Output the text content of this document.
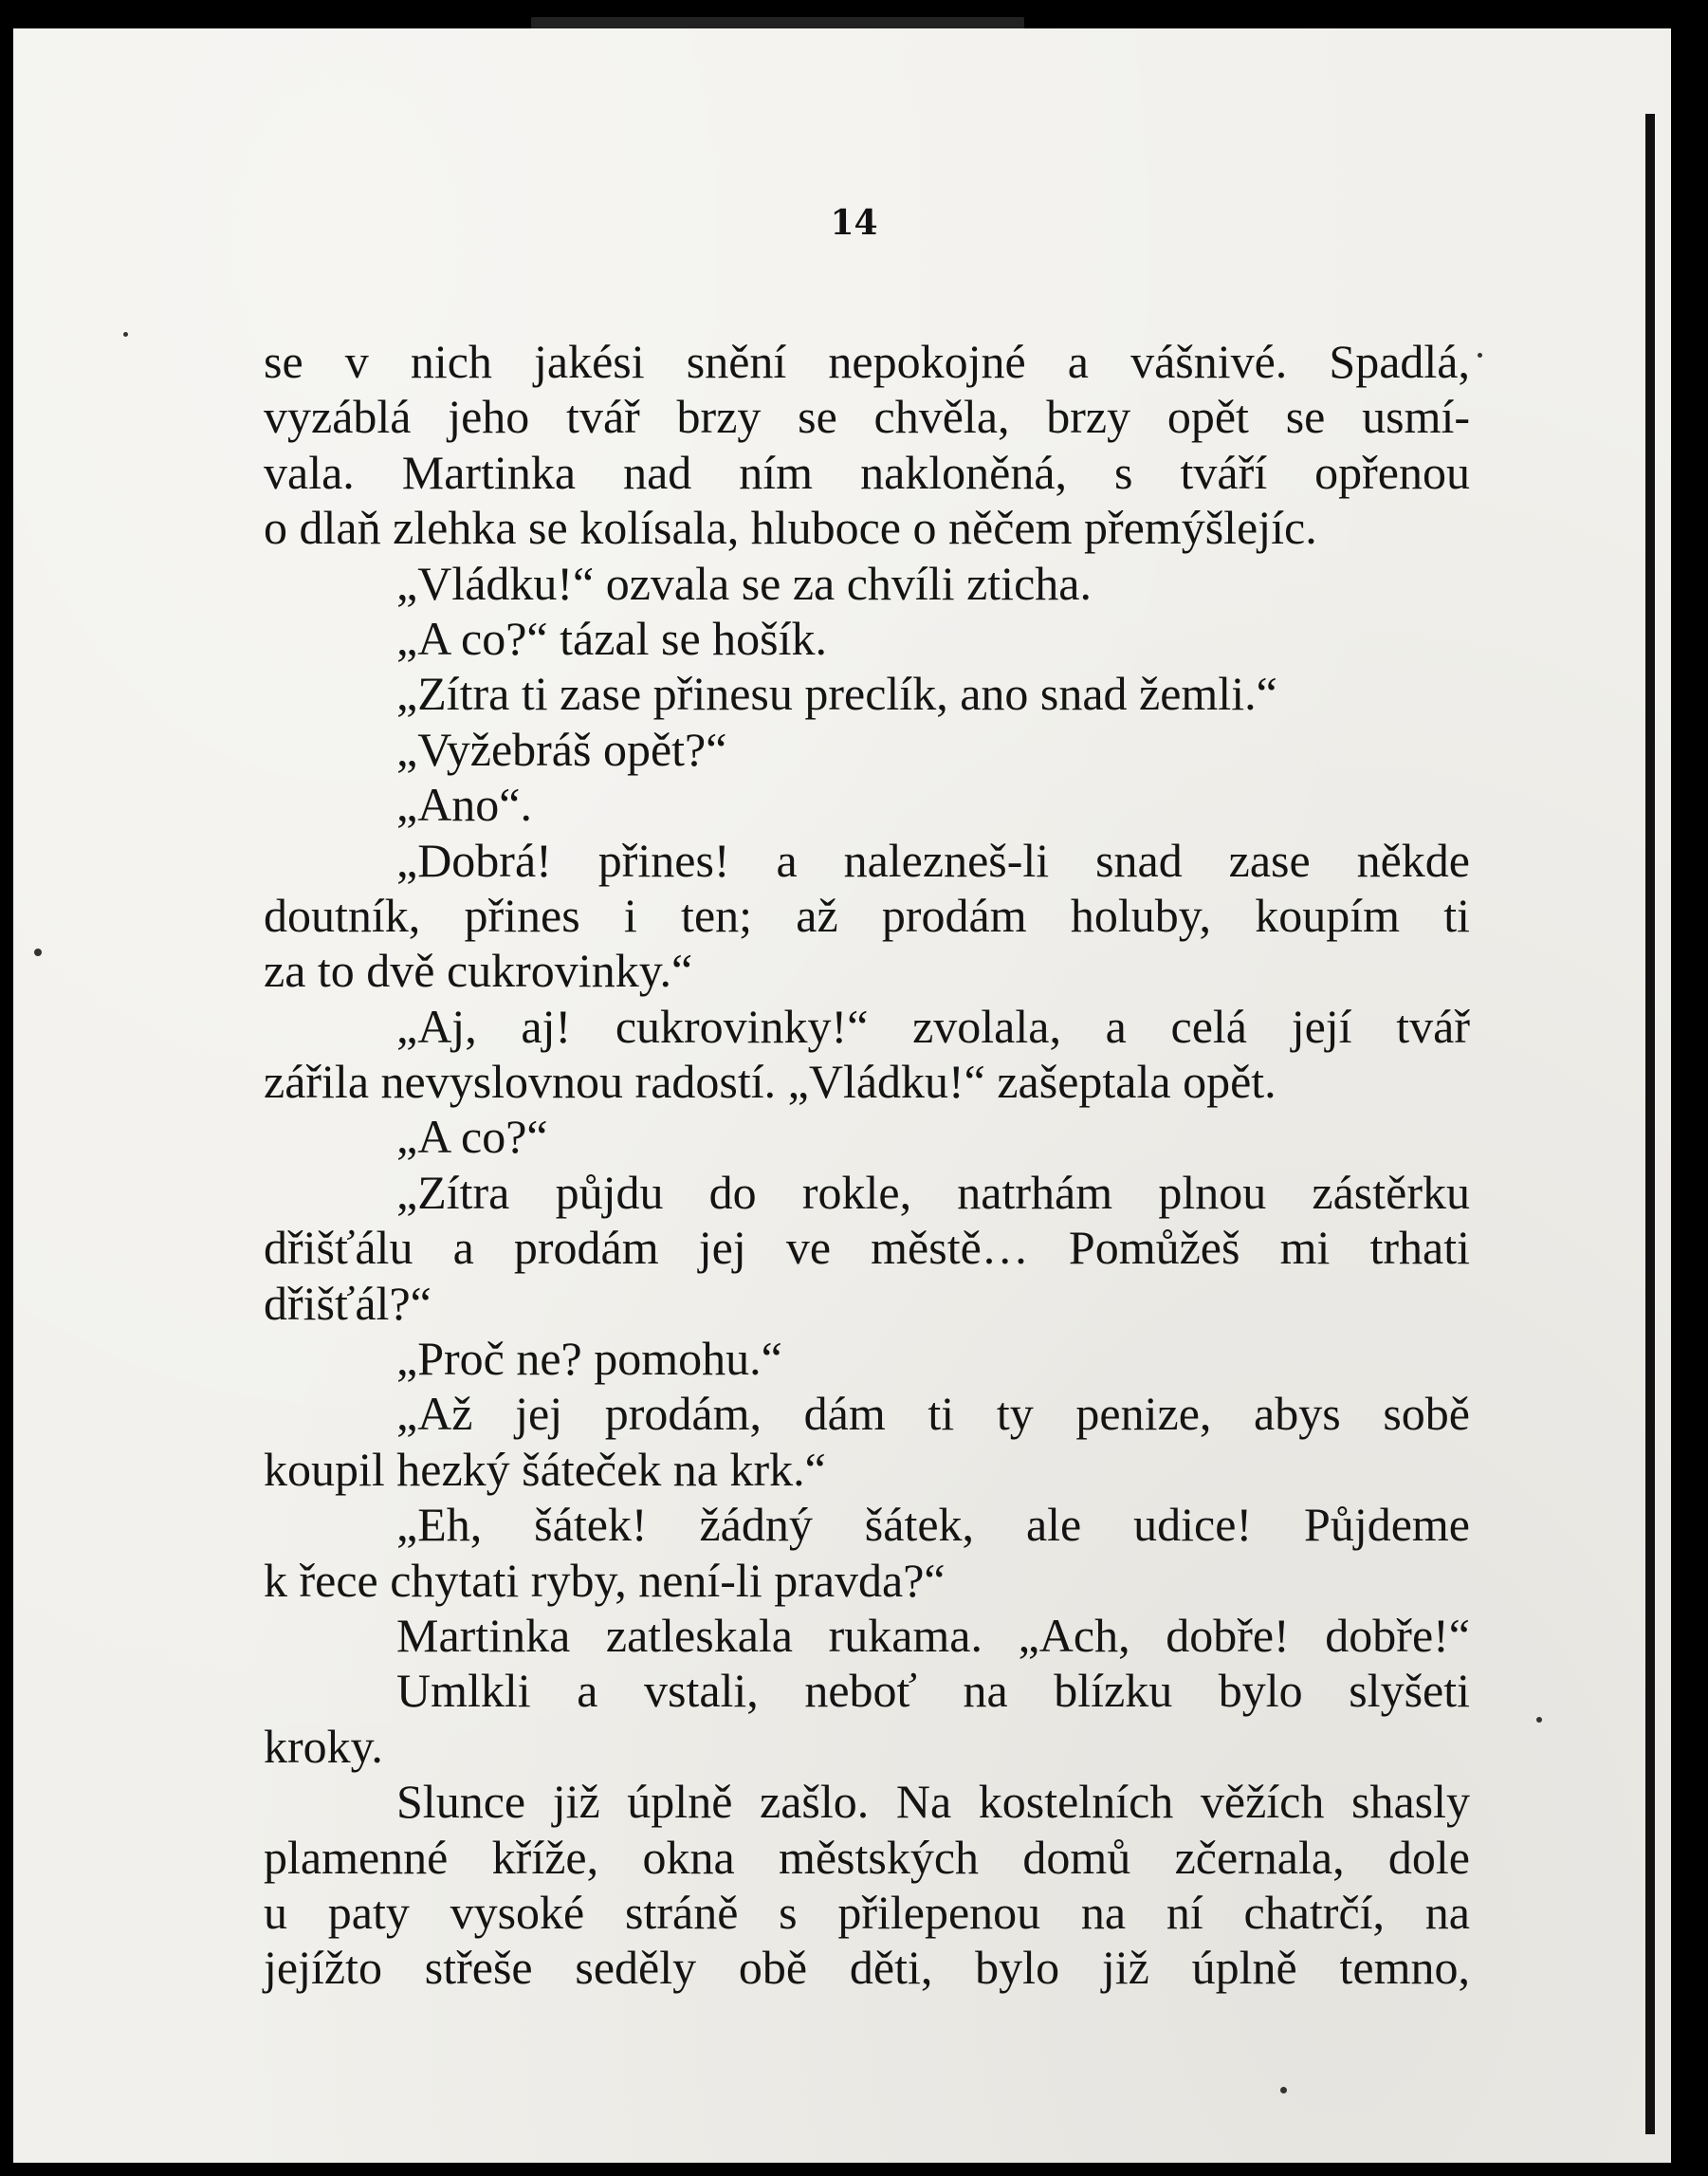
14
se v nich jakési snění nepokojné a vášnivé. Spadlá,
vyzáblá jeho tvář brzy se chvěla, brzy opět se usmí-
vala. Martinka nad ním nakloněná, s tváří opřenou
o dlaň zlehka se kolísala, hluboce o něčem přemýšlejíc.
„Vládku!“ ozvala se za chvíli zticha.
„A co?“ tázal se hošík.
„Zítra ti zase přinesu preclík, ano snad žemli.“
„Vyžebráš opět?“
„Ano“.
„Dobrá! přines! a nalezneš-li snad zase někde
doutník, přines i ten; až prodám holuby, koupím ti
za to dvě cukrovinky.“
„Aj, aj! cukrovinky!“ zvolala, a celá její tvář
zářila nevyslovnou radostí. „Vládku!“ zašeptala opět.
„A co?“
„Zítra půjdu do rokle, natrhám plnou zástěrku
dřišťálu a prodám jej ve městě… Pomůžeš mi trhati
dřišťál?“
„Proč ne? pomohu.“
„Až jej prodám, dám ti ty penize, abys sobě
koupil hezký šáteček na krk.“
„Eh, šátek! žádný šátek, ale udice! Půjdeme
k řece chytati ryby, není-li pravda?“
Martinka zatleskala rukama. „Ach, dobře! dobře!“
Umlkli a vstali, neboť na blízku bylo slyšeti
kroky.
Slunce již úplně zašlo. Na kostelních věžích shasly
plamenné kříže, okna městských domů zčernala, dole
u paty vysoké stráně s přilepenou na ní chatrčí, na
jejížto střeše seděly obě děti, bylo již úplně temno,
